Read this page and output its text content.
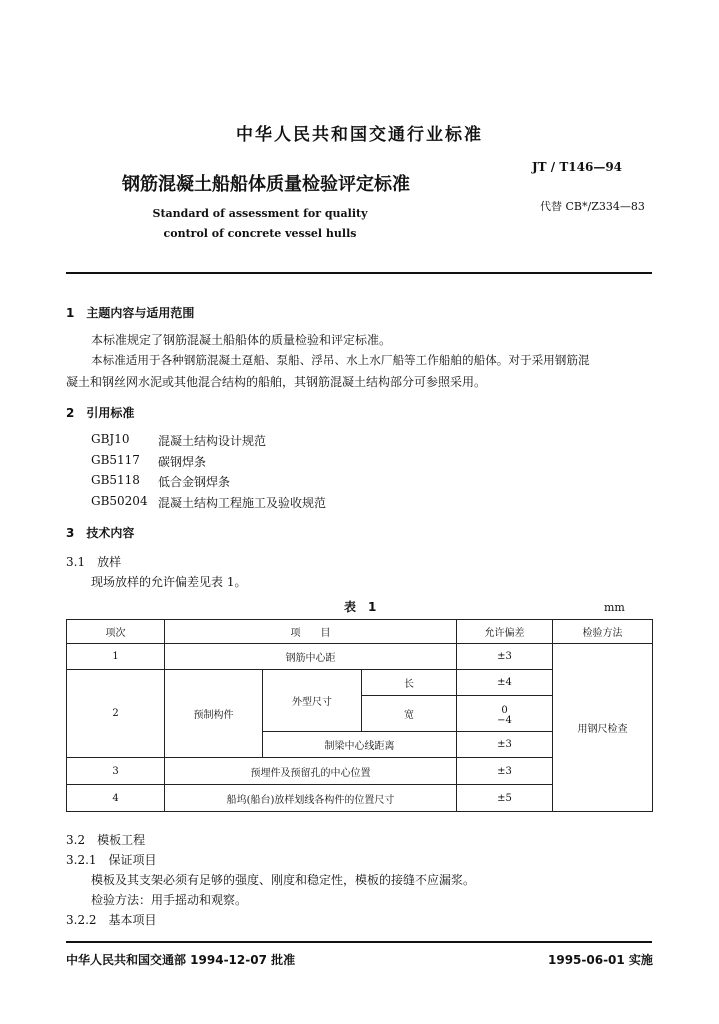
中华人民共和国交通行业标准
钢筋混凝土船船体质量检验评定标准
JT / T146—94
代替 CB*/Z334—83
Standard of assessment for quality
control of concrete vessel hulls
1　主题内容与适用范围
本标准规定了钢筋混凝土船船体的质量检验和评定标准。
本标准适用于各种钢筋混凝土趸船、泵船、浮吊、水上水厂船等工作船舶的船体。对于采用钢筋混
凝土和钢丝网水泥或其他混合结构的船舶，其钢筋混凝土结构部分可参照采用。
2　引用标准
GBJ10 混凝土结构设计规范
GB5117 碳钢焊条
GB5118 低合金钢焊条
GB50204 混凝土结构工程施工及验收规范
3　技术内容
3.1　放样
现场放样的允许偏差见表 1。
表　1	mm
项次	项　　目			允许偏差	检验方法
1	钢筋中心距			±3	用钢尺检查
2	预制构件	外型尺寸	长	±4	
			宽	0	
				−4	
		制梁中心线距离		±3	
3	预埋件及预留孔的中心位置			±3	
4	船坞(船台)放样划线各构件的位置尺寸			±5	
3.2　模板工程
3.2.1　保证项目
模板及其支架必须有足够的强度、刚度和稳定性，模板的接缝不应漏浆。
检验方法：用手摇动和观察。
3.2.2　基本项目
中华人民共和国交通部 1994-12-07 批准	1995-06-01 实施
